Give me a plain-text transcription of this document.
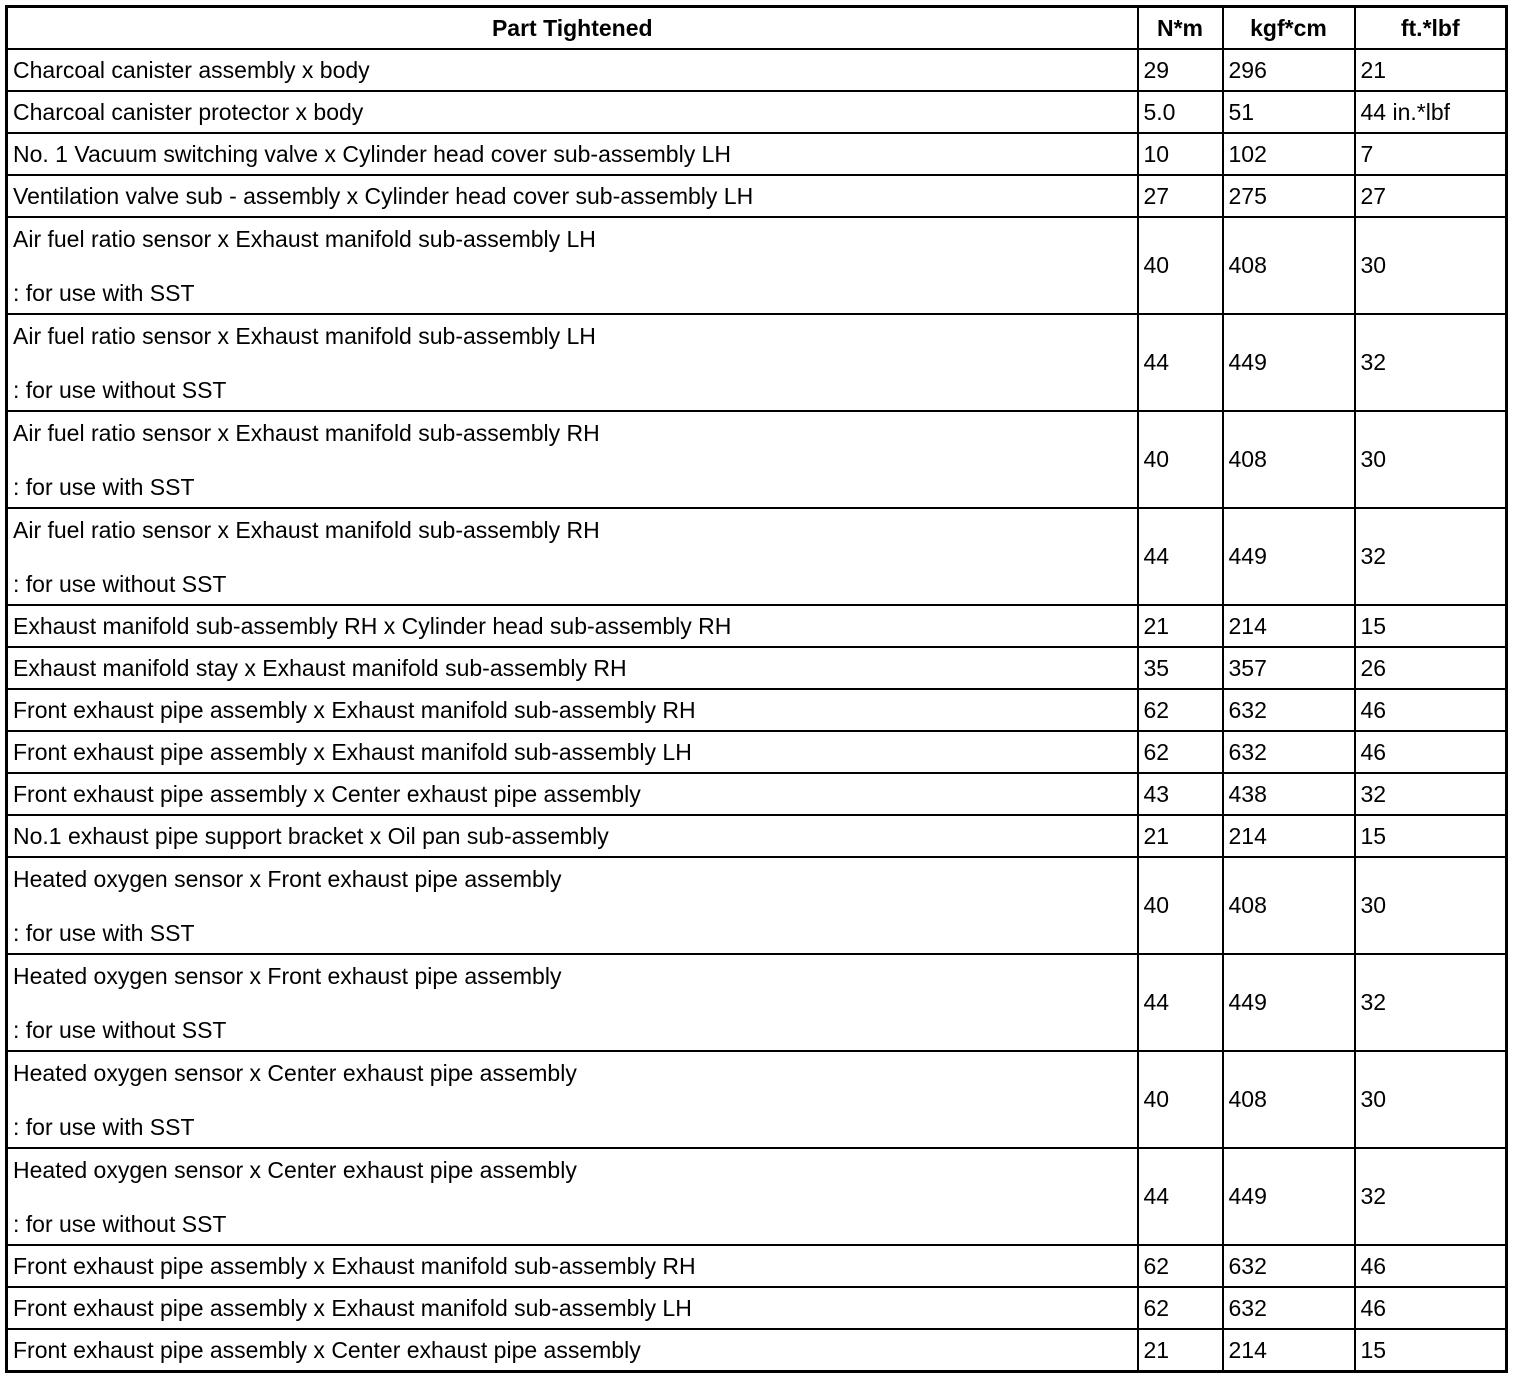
Part Tightened	N*m	kgf*cm	ft.*lbf
Charcoal canister assembly x body	29	296	21
Charcoal canister protector x body	5.0	51	44 in.*lbf
No. 1 Vacuum switching valve x Cylinder head cover sub-assembly LH	10	102	7
Ventilation valve sub - assembly x Cylinder head cover sub-assembly LH	27	275	27

Air fuel ratio sensor x Exhaust manifold sub-assembly LH
: for use with SST	40	408	30

Air fuel ratio sensor x Exhaust manifold sub-assembly LH
: for use without SST	44	449	32

Air fuel ratio sensor x Exhaust manifold sub-assembly RH
: for use with SST	40	408	30

Air fuel ratio sensor x Exhaust manifold sub-assembly RH
: for use without SST	44	449	32
Exhaust manifold sub-assembly RH x Cylinder head sub-assembly RH	21	214	15
Exhaust manifold stay x Exhaust manifold sub-assembly RH	35	357	26
Front exhaust pipe assembly x Exhaust manifold sub-assembly RH	62	632	46
Front exhaust pipe assembly x Exhaust manifold sub-assembly LH	62	632	46
Front exhaust pipe assembly x Center exhaust pipe assembly	43	438	32
No.1 exhaust pipe support bracket x Oil pan sub-assembly	21	214	15

Heated oxygen sensor x Front exhaust pipe assembly
: for use with SST	40	408	30

Heated oxygen sensor x Front exhaust pipe assembly
: for use without SST	44	449	32

Heated oxygen sensor x Center exhaust pipe assembly
: for use with SST	40	408	30

Heated oxygen sensor x Center exhaust pipe assembly
: for use without SST	44	449	32
Front exhaust pipe assembly x Exhaust manifold sub-assembly RH	62	632	46
Front exhaust pipe assembly x Exhaust manifold sub-assembly LH	62	632	46
Front exhaust pipe assembly x Center exhaust pipe assembly	21	214	15
